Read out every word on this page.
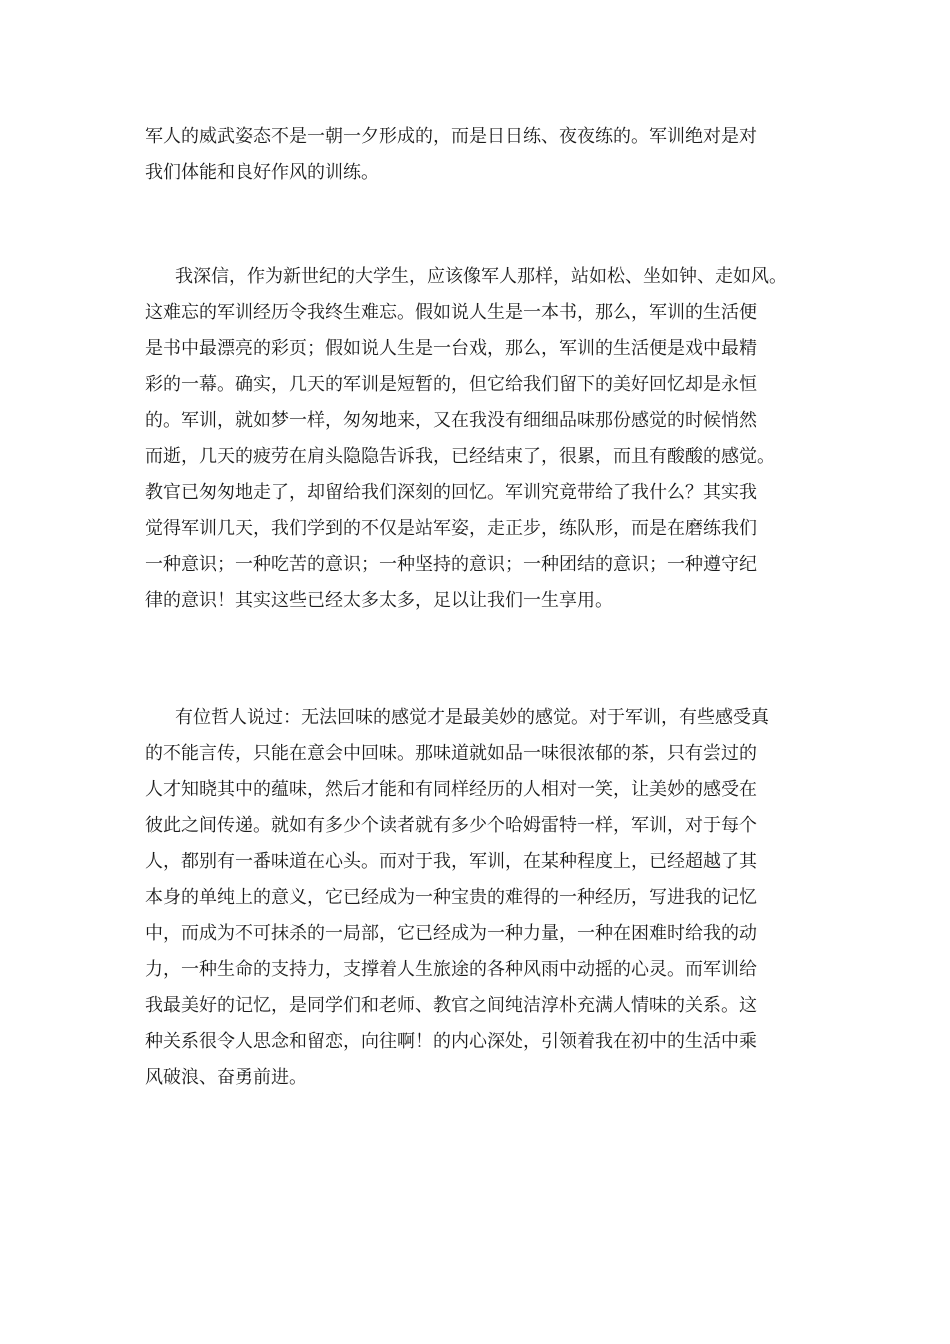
军人的威武姿态不是一朝一夕形成的，而是日日练、夜夜练的。军训绝对是对
我们体能和良好作风的训练。
我深信，作为新世纪的大学生，应该像军人那样，站如松、坐如钟、走如风。
这难忘的军训经历令我终生难忘。假如说人生是一本书，那么，军训的生活便
是书中最漂亮的彩页；假如说人生是一台戏，那么，军训的生活便是戏中最精
彩的一幕。确实，几天的军训是短暂的，但它给我们留下的美好回忆却是永恒
的。军训，就如梦一样，匆匆地来，又在我没有细细品味那份感觉的时候悄然
而逝，几天的疲劳在肩头隐隐告诉我，已经结束了，很累，而且有酸酸的感觉。
教官已匆匆地走了，却留给我们深刻的回忆。军训究竟带给了我什么？其实我
觉得军训几天，我们学到的不仅是站军姿，走正步，练队形，而是在磨练我们
一种意识；一种吃苦的意识；一种坚持的意识；一种团结的意识；一种遵守纪
律的意识！其实这些已经太多太多，足以让我们一生享用。
有位哲人说过：无法回味的感觉才是最美妙的感觉。对于军训，有些感受真
的不能言传，只能在意会中回味。那味道就如品一味很浓郁的茶，只有尝过的
人才知晓其中的蕴味，然后才能和有同样经历的人相对一笑，让美妙的感受在
彼此之间传递。就如有多少个读者就有多少个哈姆雷特一样，军训，对于每个
人，都别有一番味道在心头。而对于我，军训，在某种程度上，已经超越了其
本身的单纯上的意义，它已经成为一种宝贵的难得的一种经历，写进我的记忆
中，而成为不可抹杀的一局部，它已经成为一种力量，一种在困难时给我的动
力，一种生命的支持力，支撑着人生旅途的各种风雨中动摇的心灵。而军训给
我最美好的记忆，是同学们和老师、教官之间纯洁淳朴充满人情味的关系。这
种关系很令人思念和留恋，向往啊！的内心深处，引领着我在初中的生活中乘
风破浪、奋勇前进。
